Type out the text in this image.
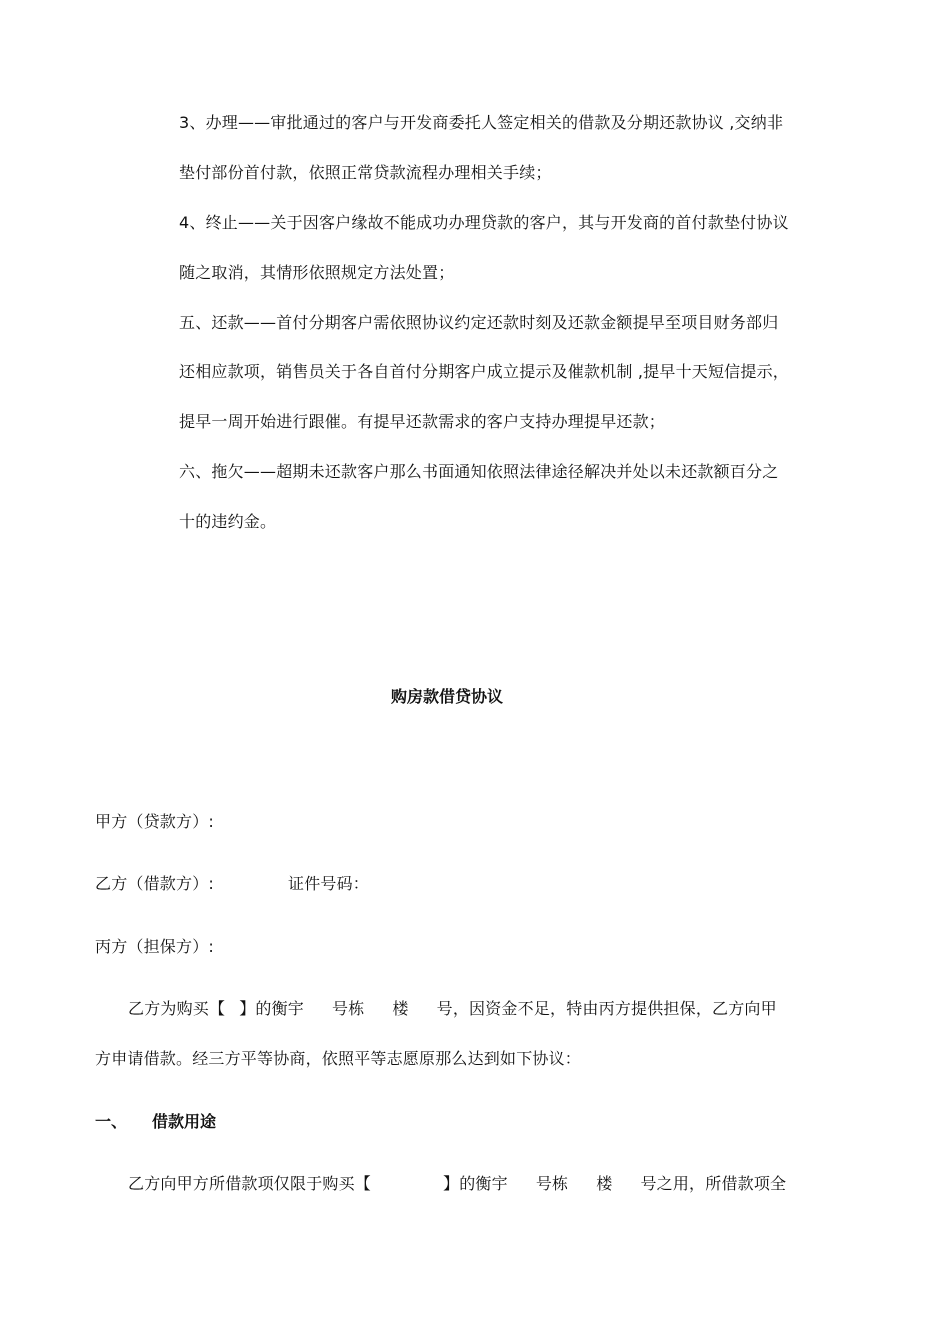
3、办理——审批通过的客户与开发商委托人签定相关的借款及分期还款协议 ,交纳非
垫付部份首付款，依照正常贷款流程办理相关手续；
4、终止——关于因客户缘故不能成功办理贷款的客户，其与开发商的首付款垫付协议
随之取消，其情形依照规定方法处置；
五、还款——首付分期客户需依照协议约定还款时刻及还款金额提早至项目财务部归
还相应款项，销售员关于各自首付分期客户成立提示及催款机制 ,提早十天短信提示，
提早一周开始进行跟催。有提早还款需求的客户支持办理提早还款；
六、拖欠——超期未还款客户那么书面通知依照法律途径解决并处以未还款额百分之
十的违约金。
购房款借贷协议
甲方（贷款方）:
乙方（借款方）:	证件号码：
丙方（担保方）:
乙方为购买【 】的衡宇 号栋 楼 号，因资金不足，特由丙方提供担保，乙方向甲
方申请借款。经三方平等协商，依照平等志愿原那么达到如下协议：
一、 借款用途
乙方向甲方所借款项仅限于购买【	】的衡宇 号栋 楼 号之用，所借款项全
